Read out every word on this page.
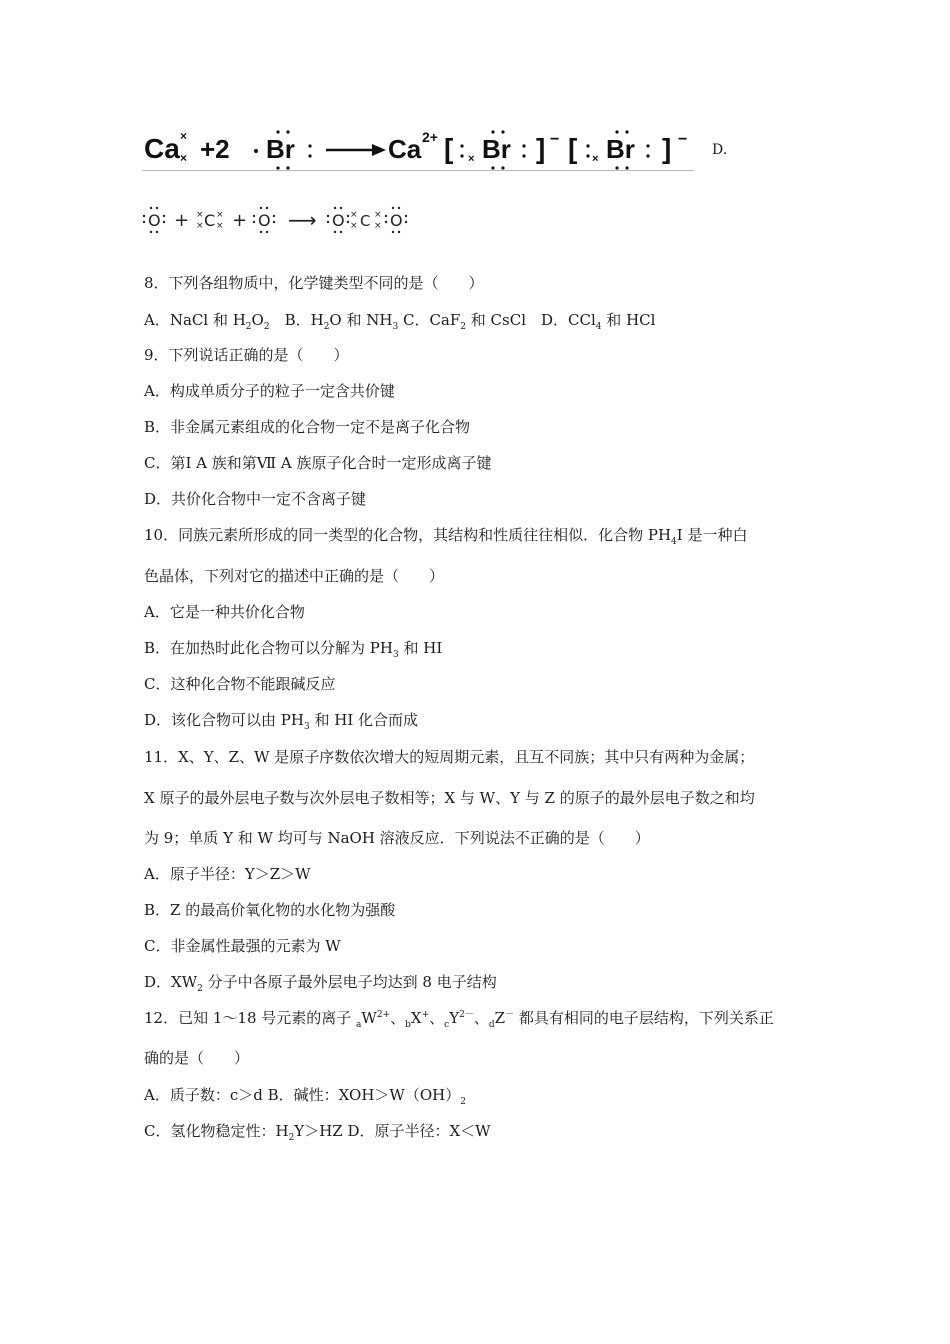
Ca ×
× +2 Br	Ca 2+ [ Br
× ] − [ × Br ] −
D.
O + ×
× C ×
× + O ⟶ O ×
× C ×
× O
8．下列各组物质中，化学键类型不同的是（　　）
A．NaCl 和 $H_2O_2$　B．$H_2O$ 和 $NH_3$ C．CaF$_2$ 和 CsCl　D．CCl$_4$ 和 HCl
9．下列说话正确的是（　　）
A．构成单质分子的粒子一定含共价键
B．非金属元素组成的化合物一定不是离子化合物
C．第Ⅰ A 族和第Ⅶ A 族原子化合时一定形成离子键
D．共价化合物中一定不含离子键
10．同族元素所形成的同一类型的化合物，其结构和性质往往相似．化合物 $PH_4I$ 是一种白
色晶体，下列对它的描述中正确的是（　　）
A．它是一种共价化合物
B．在加热时此化合物可以分解为 $PH_3$ 和 HI
C．这种化合物不能跟碱反应
D．该化合物可以由 $PH_3$ 和 HI 化合而成
11．X、Y、Z、W 是原子序数依次增大的短周期元素，且互不同族；其中只有两种为金属；
X 原子的最外层电子数与次外层电子数相等；X 与 W、Y 与 Z 的原子的最外层电子数之和均
为 9；单质 Y 和 W 均可与 NaOH 溶液反应．下列说法不正确的是（　　）
A．原子半径：Y＞Z＞W
B．Z 的最高价氧化物的水化物为强酸
C．非金属性最强的元素为 W
D．$XW_2$ 分子中各原子最外层电子均达到 8 电子结构
12．已知 1～18 号元素的离子 $_aW^{2+}$、$_b$X+、$_cY^{2-}$、$_d$Z－ 都具有相同的电子层结构，下列关系正
确的是（　　）
A．质子数：c＞d B．碱性：$XOH>W(OH)_2$
C．氢化物稳定性：$H_2Y>HZ$ D．原子半径：X＜W
